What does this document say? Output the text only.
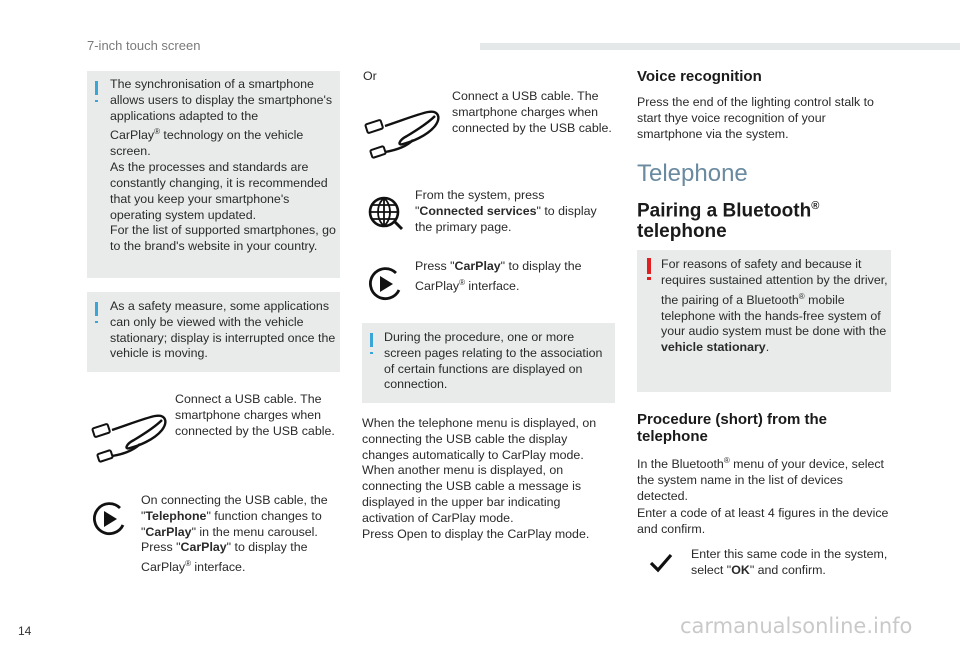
7-inch touch screen

The synchronisation of a smartphone allows users to display the smartphone's applications adapted to the
CarPlay® technology on the vehicle screen.

As the processes and standards are constantly changing, it is recommended that you keep your smartphone's operating system updated.

For the list of supported smartphones, go to the brand's website in your country.

As a safety measure, some applications can only be viewed with the vehicle stationary; display is interrupted once the vehicle is moving.
Connect a USB cable. The smartphone charges when connected by the USB cable.

On connecting the USB cable, the "Telephone" function changes to "CarPlay" in the menu carousel.

Press "CarPlay" to display the
CarPlay® interface.

Or
Connect a USB cable. The smartphone charges when connected by the USB cable.
From the system, press "Connected services" to display the primary page.
Press "CarPlay" to display the
CarPlay® interface.
During the procedure, one or more screen pages relating to the association of certain functions are displayed on connection.

When the telephone menu is displayed, on connecting the USB cable the display changes automatically to CarPlay mode.

When another menu is displayed, on connecting the USB cable a message is displayed in the upper bar indicating activation of CarPlay mode.

Press Open to display the CarPlay mode.

Voice recognition
Press the end of the lighting control stalk to start thye voice recognition of your smartphone via the system.
Telephone
Pairing a Bluetooth®
telephone
For reasons of safety and because it requires sustained attention by the driver, the pairing of a Bluetooth® mobile telephone with the hands-free system of your audio system must be done with the vehicle stationary.
Procedure (short) from the
telephone
In the Bluetooth® menu of your device, select the system name in the list of devices detected.
Enter a code of at least 4 figures in the device and confirm.
Enter this same code in the system, select "OK" and confirm.
14	carmanualsonline.info
